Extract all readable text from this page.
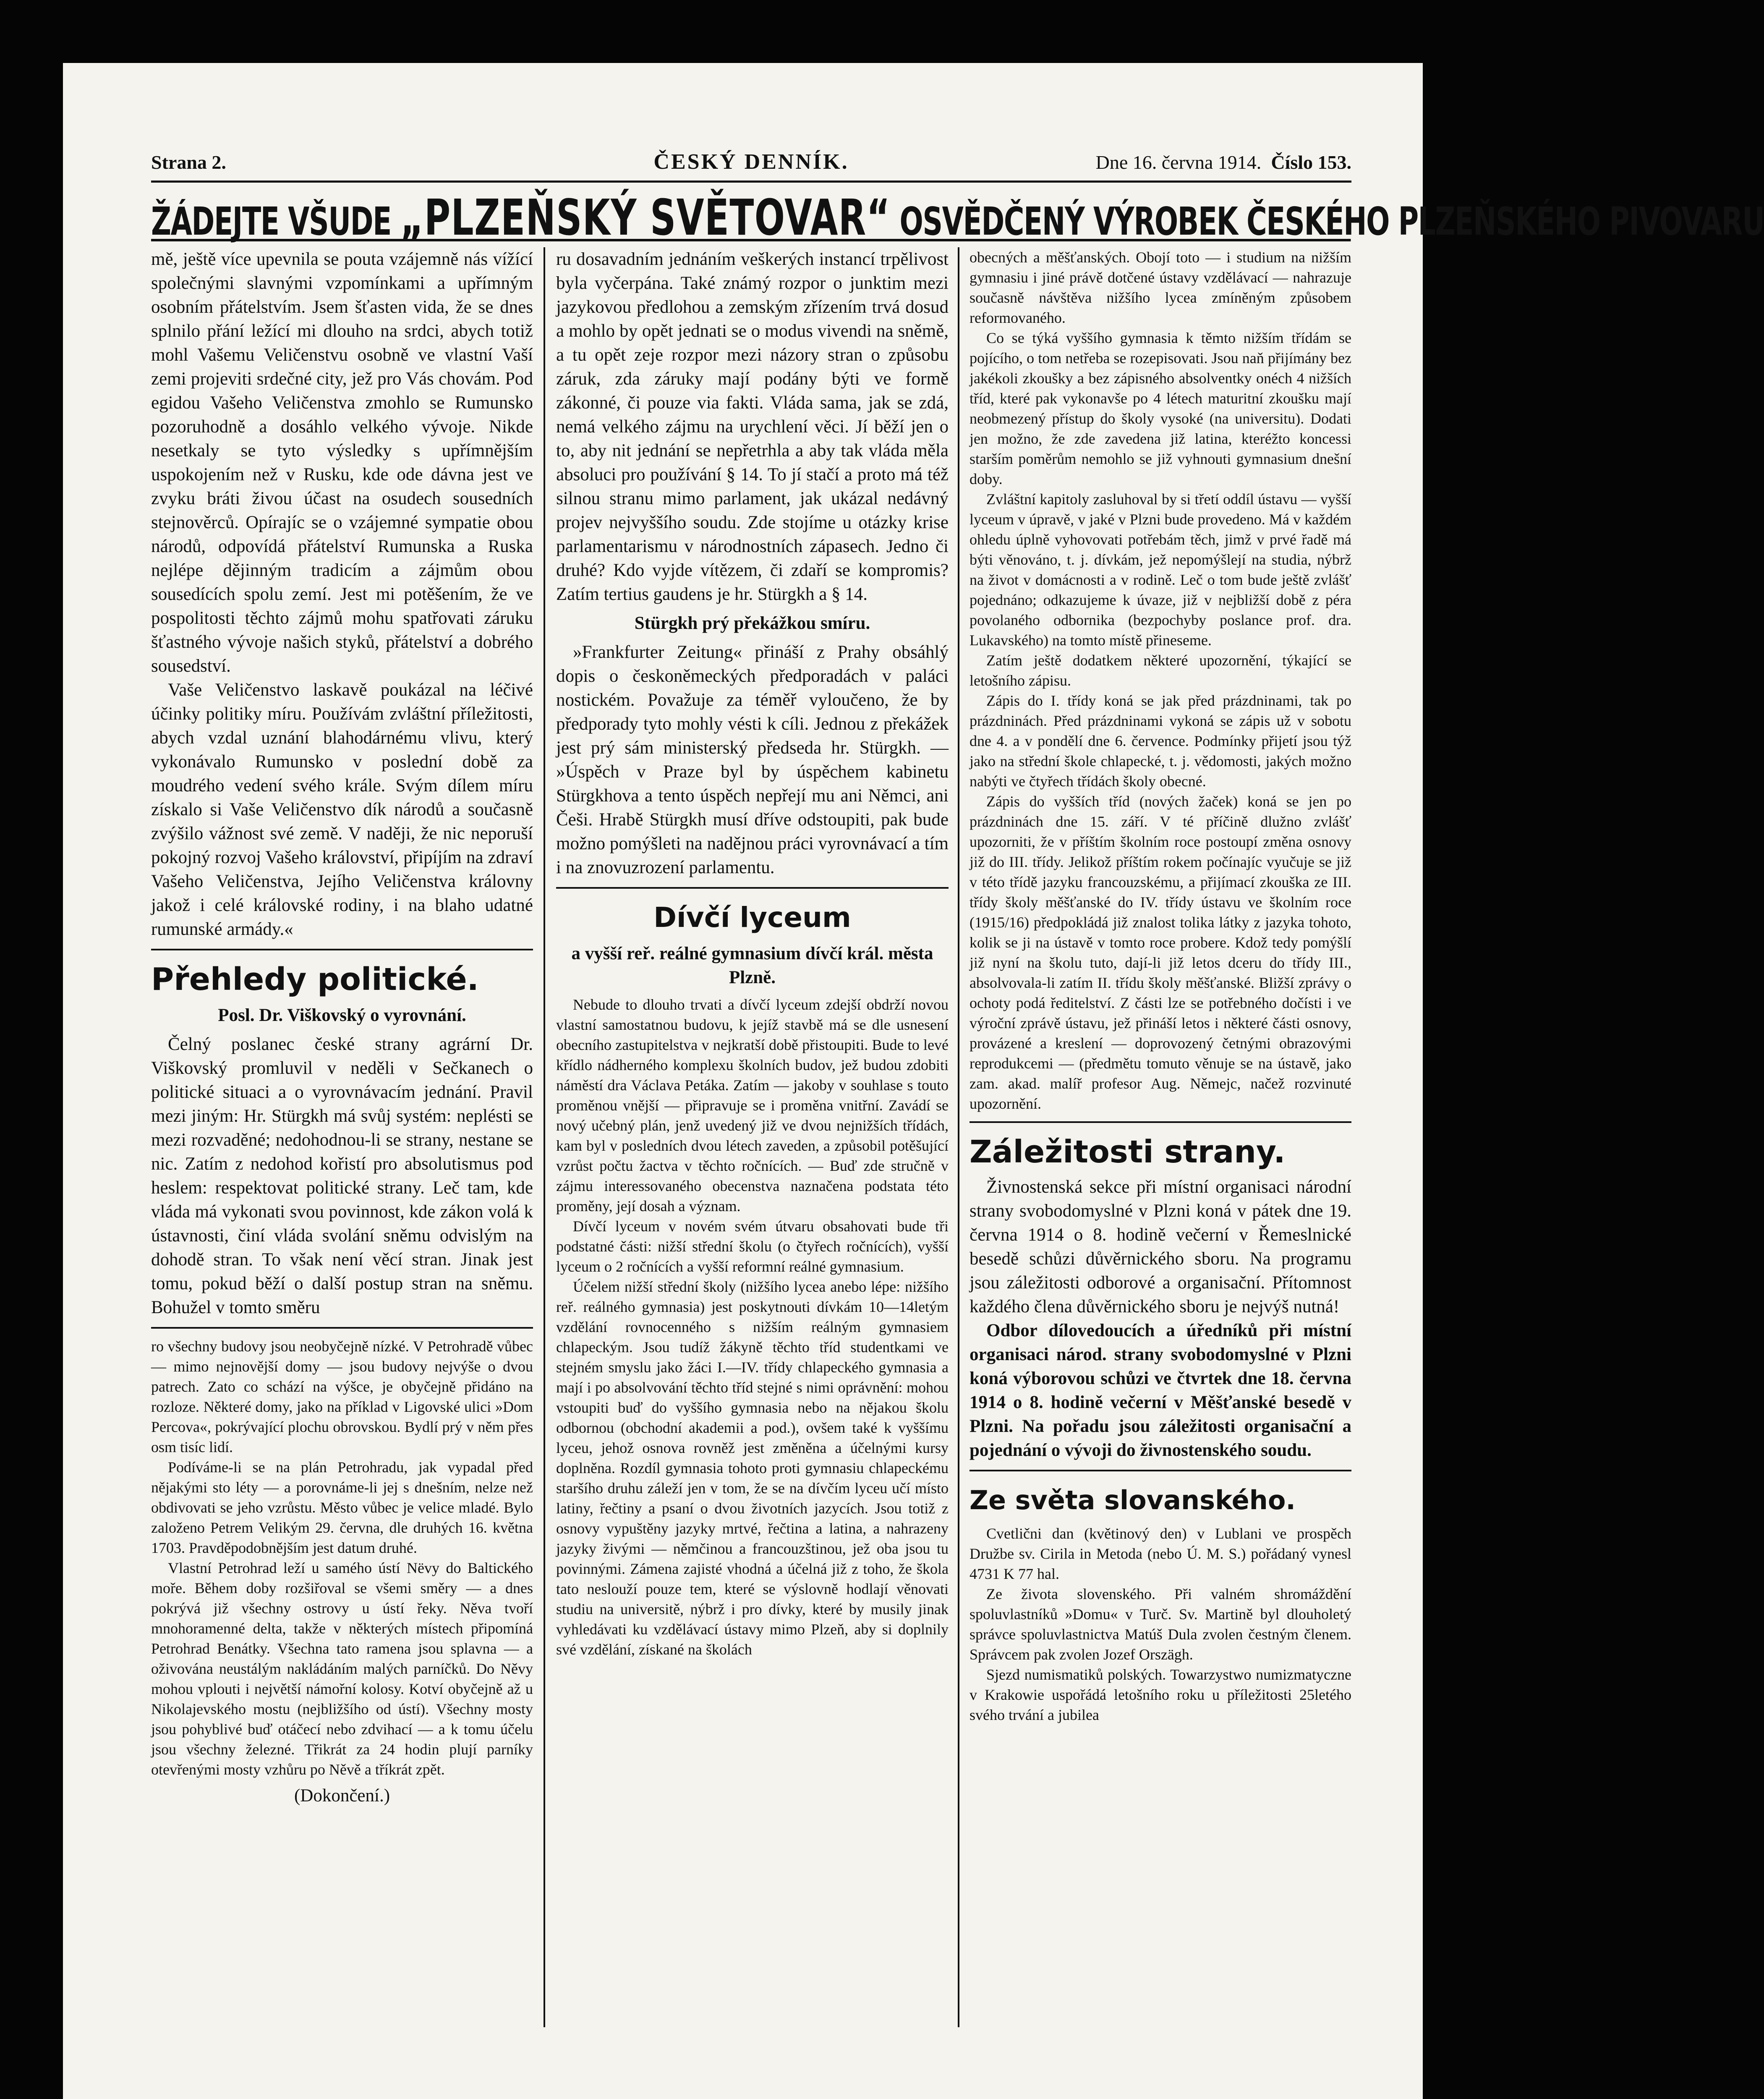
Strana 2.	ČESKÝ DENNÍK.	Dne 16. června 1914. Číslo 153.
ŽÁDEJTE VŠUDE „PLZEŇSKÝ SVĚTOVAR“ OSVĚDČENÝ VÝROBEK ČESKÉHO PLZEŇSKÉHO PIVOVARU

mě, ještě více upevnila se pouta vzájemně nás vížící společnými slavnými vzpomínkami a upřímným osobním přátelstvím. Jsem šťasten vida, že se dnes splnilo přání ležící mi dlouho na srdci, abych totiž mohl Vašemu Veličenstvu osobně ve vlastní Vaší zemi projeviti srdečné city, jež pro Vás chovám. Pod egidou Vašeho Veličenstva zmohlo se Rumunsko pozoruhodně a dosáhlo velkého vývoje. Nikde nesetkaly se tyto výsledky s upřímnějším uspokojením než v Rusku, kde ode dávna jest ve zvyku bráti živou účast na osudech sousedních stejnověrců. Opírajíc se o vzájemné sympatie obou národů, odpovídá přátelství Rumunska a Ruska nejlépe dějinným tradicím a zájmům obou sousedících spolu zemí. Jest mi potěšením, že ve pospolitosti těchto zájmů mohu spatřovati záruku šťastného vývoje našich styků, přátelství a dobrého sousedství.

Vaše Veličenstvo laskavě poukázal na léčivé účinky politiky míru. Používám zvláštní příležitosti, abych vzdal uznání blahodárnému vlivu, který vykonávalo Rumunsko v poslední době za moudrého vedení svého krále. Svým dílem míru získalo si Vaše Veličenstvo dík národů a současně zvýšilo vážnost své země. V naději, že nic neporuší pokojný rozvoj Vašeho království, připíjím na zdraví Vašeho Veličenstva, Jejího Veličenstva královny jakož i celé královské rodiny, i na blaho udatné rumunské armády.«

Přehledy politické.

Posl. Dr. Viškovský o vyrovnání.

Čelný poslanec české strany agrární Dr. Viškovský promluvil v neděli v Sečkanech o politické situaci a o vyrovnávacím jednání. Pravil mezi jiným: Hr. Stürgkh má svůj systém: neplésti se mezi rozvaděné; nedohodnou-li se strany, nestane se nic. Zatím z nedohod kořistí pro absolutismus pod heslem: respektovat politické strany. Leč tam, kde vláda má vykonati svou povinnost, kde zákon volá k ústavnosti, činí vláda svolání sněmu odvislým na dohodě stran. To však není věcí stran. Jinak jest tomu, pokud běží o další postup stran na sněmu. Bohužel v tomto směru

ro všechny budovy jsou neobyčejně nízké. V Petrohradě vůbec — mimo nejnovější domy — jsou budovy nejvýše o dvou patrech. Zato co schází na výšce, je obyčejně přidáno na rozloze. Některé domy, jako na příklad v Ligovské ulici »Dom Percova«, pokrývající plochu obrovskou. Bydlí prý v něm přes osm tisíc lidí.

Podíváme-li se na plán Petrohradu, jak vypadal před nějakými sto léty — a porovnáme-li jej s dnešním, nelze než obdivovati se jeho vzrůstu. Město vůbec je velice mladé. Bylo založeno Petrem Velikým 29. června, dle druhých 16. května 1703. Pravděpodobnějším jest datum druhé.

Vlastní Petrohrad leží u samého ústí Nëvy do Baltického moře. Během doby rozšiřoval se všemi směry — a dnes pokrývá již všechny ostrovy u ústí řeky. Něva tvoří mnohoramenné delta, takže v některých místech připomíná Petrohrad Benátky. Všechna tato ramena jsou splavna — a oživována neustálým nakládáním malých parníčků. Do Něvy mohou vplouti i největší námořní kolosy. Kotví obyčejně až u Nikolajevského mostu (nejbližšího od ústí). Všechny mosty jsou pohyblivé buď otáčecí nebo zdvihací — a k tomu účelu jsou všechny železné. Třikrát za 24 hodin plují parníky otevřenými mosty vzhůru po Něvě a tříkrát zpět.

(Dokončení.)

ru dosavadním jednáním veškerých instancí trpělivost byla vyčerpána. Také známý rozpor o junktim mezi jazykovou předlohou a zemským zřízením trvá dosud a mohlo by opět jednati se o modus vivendi na sněmě, a tu opět zeje rozpor mezi názory stran o způsobu záruk, zda záruky mají podány býti ve formě zákonné, či pouze via fakti. Vláda sama, jak se zdá, nemá velkého zájmu na urychlení věci. Jí běží jen o to, aby nit jednání se nepřetrhla a aby tak vláda měla absoluci pro používání § 14. To jí stačí a proto má též silnou stranu mimo parlament, jak ukázal nedávný projev nejvyššího soudu. Zde stojíme u otázky krise parlamentarismu v národnostních zápasech. Jedno či druhé? Kdo vyjde vítězem, či zdaří se kompromis? Zatím tertius gaudens je hr. Stürgkh a § 14.

Stürgkh prý překážkou smíru.

»Frankfurter Zeitung« přináší z Prahy obsáhlý dopis o českoněmeckých předporadách v paláci nostickém. Považuje za téměř vyloučeno, že by předporady tyto mohly vésti k cíli. Jednou z překážek jest prý sám ministerský předseda hr. Stürgkh. — »Úspěch v Praze byl by úspěchem kabinetu Stürgkhova a tento úspěch nepřejí mu ani Němci, ani Češi. Hrabě Stürgkh musí dříve odstoupiti, pak bude možno pomýšleti na nadějnou práci vyrovnávací a tím i na znovuzrození parlamentu.

Dívčí lyceum

a vyšší reř. reálné gymnasium dívčí král. města Plzně.

Nebude to dlouho trvati a dívčí lyceum zdejší obdrží novou vlastní samostatnou budovu, k jejíž stavbě má se dle usnesení obecního zastupitelstva v nejkratší době přistoupiti. Bude to levé křídlo nádherného komplexu školních budov, jež budou zdobiti náměstí dra Václava Petáka. Zatím — jakoby v souhlase s touto proměnou vnější — připravuje se i proměna vnitřní. Zavádí se nový učebný plán, jenž uvedený již ve dvou nejnižších třídách, kam byl v posledních dvou létech zaveden, a způsobil potěšující vzrůst počtu žactva v těchto ročnících. — Buď zde stručně v zájmu interessovaného obecenstva naznačena podstata této proměny, její dosah a význam.

Dívčí lyceum v novém svém útvaru obsahovati bude tři podstatné části: nižší střední školu (o čtyřech ročnících), vyšší lyceum o 2 ročnících a vyšší reformní reálné gymnasium.

Účelem nižší střední školy (nižšího lycea anebo lépe: nižšího reř. reálného gymnasia) jest poskytnouti dívkám 10—14letým vzdělání rovnocenného s nižším reálným gymnasiem chlapeckým. Jsou tudíž žákyně těchto tříd studentkami ve stejném smyslu jako žáci I.—IV. třídy chlapeckého gymnasia a mají i po absolvování těchto tříd stejné s nimi oprávnění: mohou vstoupiti buď do vyššího gymnasia nebo na nějakou školu odbornou (obchodní akademii a pod.), ovšem také k vyššímu lyceu, jehož osnova rovněž jest změněna a účelnými kursy doplněna. Rozdíl gymnasia tohoto proti gymnasiu chlapeckému staršího druhu záleží jen v tom, že se na dívčím lyceu učí místo latiny, řečtiny a psaní o dvou životních jazycích. Jsou totiž z osnovy vypuštěny jazyky mrtvé, řečtina a latina, a nahrazeny jazyky živými — němčinou a francouzštinou, jež oba jsou tu povinnými. Zámena zajisté vhodná a účelná již z toho, že škola tato neslouží pouze tem, které se výslovně hodlají věnovati studiu na universitě, nýbrž i pro dívky, které by musily jinak vyhledávati ku vzdělávací ústavy mimo Plzeň, aby si doplnily své vzdělání, získané na školách

obecných a měšťanských. Obojí toto — i studium na nižším gymnasiu i jiné právě dotčené ústavy vzdělávací — nahrazuje současně návštěva nižšího lycea zmíněným způsobem reformovaného.

Co se týká vyššího gymnasia k těmto nižším třídám se pojícího, o tom netřeba se rozepisovati. Jsou naň přijímány bez jakékoli zkoušky a bez zápisného absolventky onéch 4 nižších tříd, které pak vykonavše po 4 létech maturitní zkoušku mají neobmezený přístup do školy vysoké (na universitu). Dodati jen možno, že zde zavedena již latina, kteréžto koncessi starším poměrům nemohlo se již vyhnouti gymnasium dnešní doby.

Zvláštní kapitoly zasluhoval by si třetí oddíl ústavu — vyšší lyceum v úpravě, v jaké v Plzni bude provedeno. Má v každém ohledu úplně vyhovovati potřebám těch, jimž v prvé řadě má býti věnováno, t. j. dívkám, jež nepomýšlejí na studia, nýbrž na život v domácnosti a v rodině. Leč o tom bude ještě zvlášť pojednáno; odkazujeme k úvaze, již v nejbližší době z péra povolaného odbornika (bezpochyby poslance prof. dra. Lukavského) na tomto místě přineseme.

Zatím ještě dodatkem některé upozornění, týkající se letošního zápisu.

Zápis do I. třídy koná se jak před prázdninami, tak po prázdninách. Před prázdninami vykoná se zápis už v sobotu dne 4. a v pondělí dne 6. července. Podmínky přijetí jsou týž jako na střední škole chlapecké, t. j. vědomosti, jakých možno nabýti ve čtyřech třídách školy obecné.

Zápis do vyšších tříd (nových žaček) koná se jen po prázdninách dne 15. září. V té příčině dlužno zvlášť upozorniti, že v příštím školním roce postoupí změna osnovy již do III. třídy. Jelikož příštím rokem počínajíc vyučuje se již v této třídě jazyku francouzskému, a přijímací zkouška ze III. třídy školy měšťanské do IV. třídy ústavu ve školním roce (1915/16) předpokládá již znalost tolika látky z jazyka tohoto, kolik se ji na ústavě v tomto roce probere. Kdož tedy pomýšlí již nyní na školu tuto, dají-li již letos dceru do třídy III., absolvovala-li zatím II. třídu školy měšťanské. Bližší zprávy o ochoty podá ředitelství. Z části lze se potřebného dočísti i ve výroční zprávě ústavu, jež přináší letos i některé části osnovy, provázené a kreslení — doprovozený četnými obrazovými reprodukcemi — (předmětu tomuto věnuje se na ústavě, jako zam. akad. malíř profesor Aug. Němejc, načež rozvinuté upozornění.

Záležitosti strany.

Živnostenská sekce při místní organisaci národní strany svobodomyslné v Plzni koná v pátek dne 19. června 1914 o 8. hodině večerní v Řemeslnické besedě schůzi důvěrnického sboru. Na programu jsou záležitosti odborové a organisační. Přítomnost každého člena důvěrnického sboru je nejvýš nutná!

Odbor dílovedoucích a úředníků při místní organisaci národ. strany svobodomyslné v Plzni koná výborovou schůzi ve čtvrtek dne 18. června 1914 o 8. hodině večerní v Měšťanské besedě v Plzni. Na pořadu jsou záležitosti organisační a pojednání o vývoji do živnostenského soudu.

Ze světa slovanského.

Cvetlični dan (květinový den) v Lublani ve prospěch Družbe sv. Cirila in Metoda (nebo Ú. M. S.) pořádaný vynesl 4731 K 77 hal.

Ze života slovenského. Při valném shromáždění spoluvlastníků »Domu« v Turč. Sv. Martině byl dlouholetý správce spoluvlastnictva Matúš Dula zvolen čestným členem. Správcem pak zvolen Jozef Orszägh.

Sjezd numismatiků polských. Towarzystwo numizmatyczne v Krakowie uspořádá letošního roku u příležitosti 25letého svého trvání a jubilea
